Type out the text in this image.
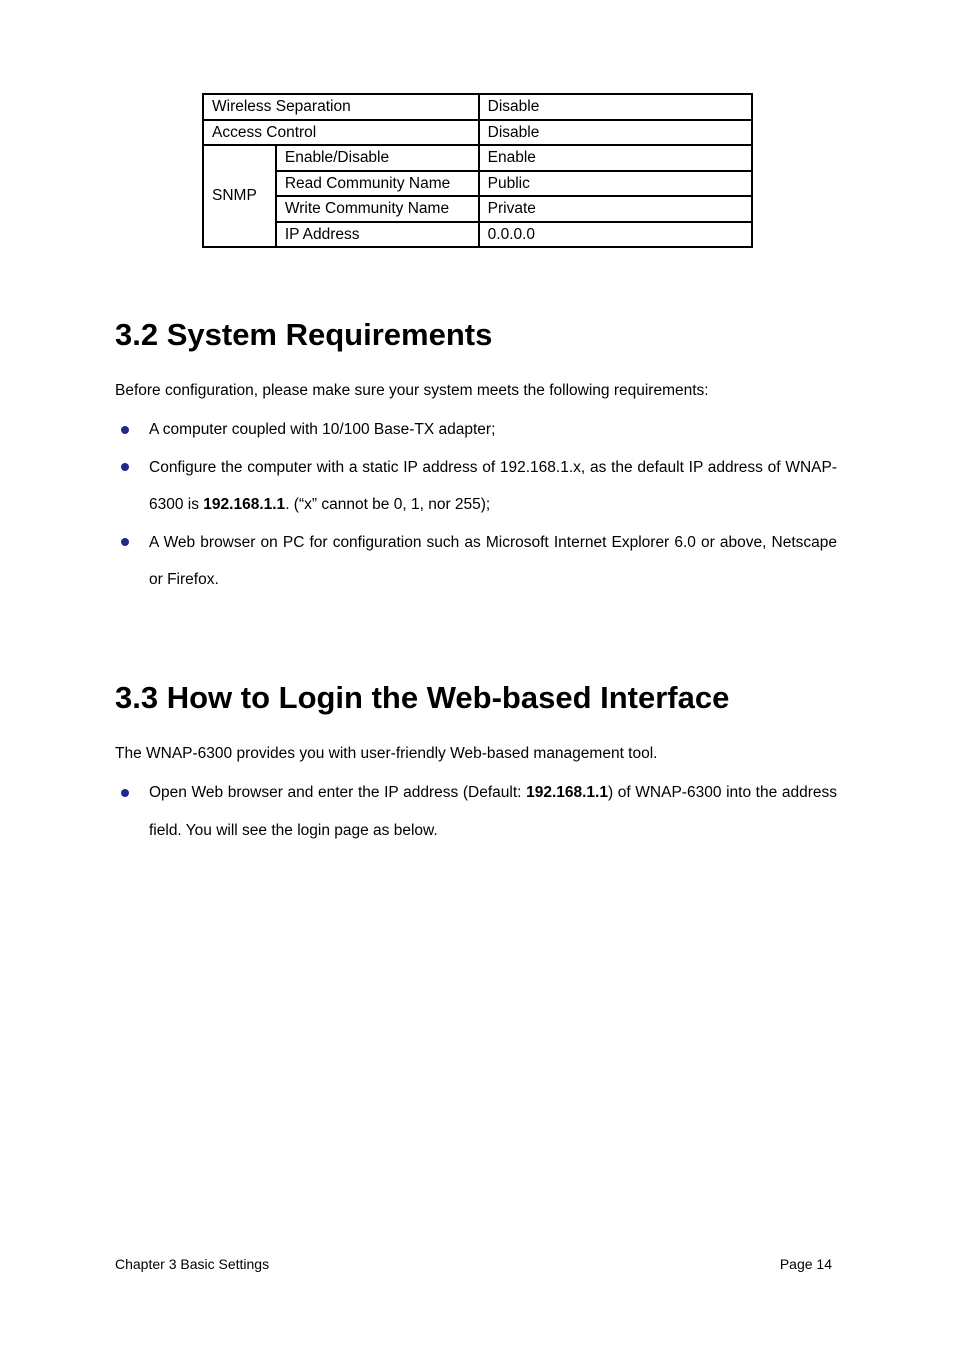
Wireless Separation		Disable
Access Control		Disable
SNMP	Enable/Disable	Enable
	Read Community Name	Public
	Write Community Name	Private
	IP Address	0.0.0.0
3.2 System Requirements

Before configuration, please make sure your system meets the following requirements:

A computer coupled with 10/100 Base-TX adapter;
Configure the computer with a static IP address of 192.168.1.x, as the default IP address of WNAP-6300 is 192.168.1.1. (“x” cannot be 0, 1, nor 255);
A Web browser on PC for configuration such as Microsoft Internet Explorer 6.0 or above, Netscape or Firefox.
3.3 How to Login the Web-based Interface

The WNAP-6300 provides you with user-friendly Web-based management tool.

Open Web browser and enter the IP address (Default: 192.168.1.1) of WNAP-6300 into the address field. You will see the login page as below.
Chapter 3 Basic Settings	Page 14
